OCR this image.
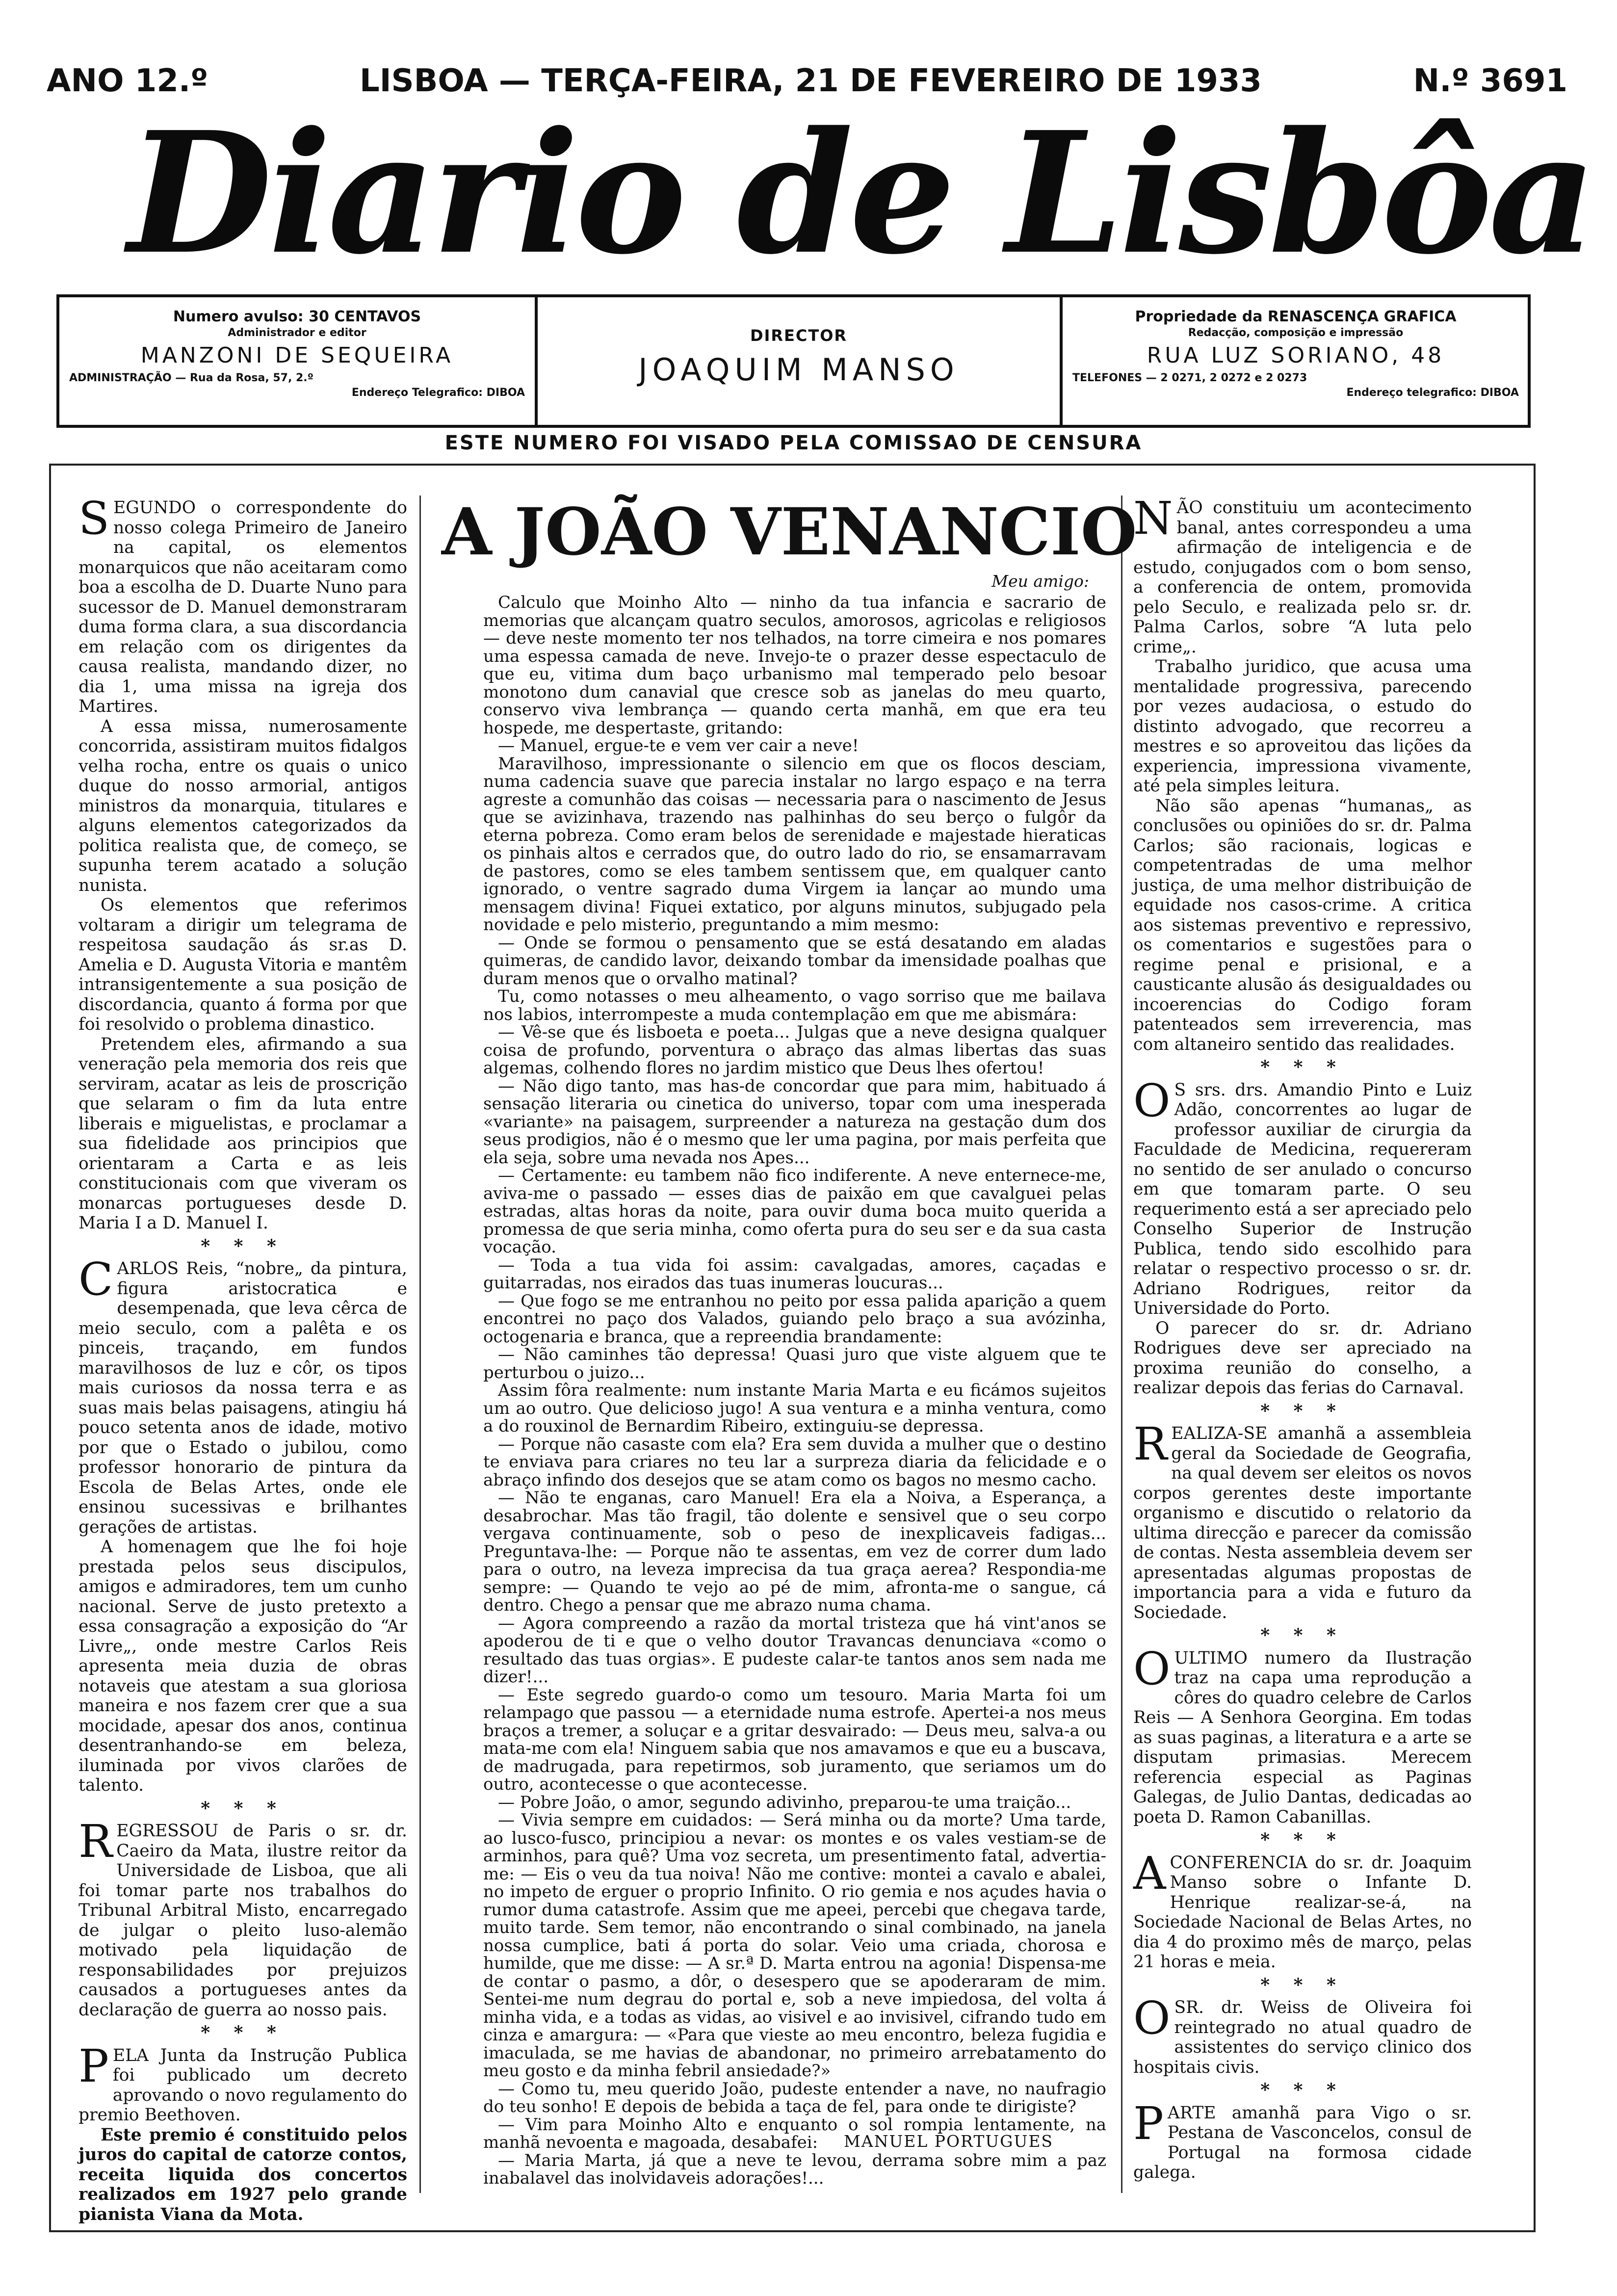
ANO 12.º	LISBOA — TERÇA-FEIRA, 21 DE FEVEREIRO DE 1933	N.º 3691
Diario de Lisbôa
Numero avulso: 30 CENTAVOS
Administrador e editor
MANZONI DE SEQUEIRA
ADMINISTRAÇÃO — Rua da Rosa, 57, 2.º
Endereço Telegrafico: DIBOA
DIRECTOR
JOAQUIM MANSO
Propriedade da RENASCENÇA GRAFICA
Redacção, composição e impressão
RUA LUZ SORIANO, 48
TELEFONES — 2 0271, 2 0272 e 2 0273
Endereço telegrafico: DIBOA
ESTE NUMERO FOI VISADO PELA COMISSAO DE CENSURA

SEGUNDO o correspondente do nosso colega Primeiro de Janeiro na capital, os elementos monarquicos que não aceitaram como boa a escolha de D. Duarte Nuno para sucessor de D. Manuel demonstraram duma forma clara, a sua discordancia em relação com os dirigentes da causa realista, mandando dizer, no dia 1, uma missa na igreja dos Martires.

A essa missa, numerosamente concorrida, assistiram muitos fidalgos velha rocha, entre os quais o unico duque do nosso armorial, antigos ministros da monarquia, titulares e alguns elementos categorizados da politica realista que, de começo, se supunha terem acatado a solução nunista.

Os elementos que referimos voltaram a dirigir um telegrama de respeitosa saudação ás sr.as D. Amelia e D. Augusta Vitoria e mantêm intransigentemente a sua posição de discordancia, quanto á forma por que foi resolvido o problema dinastico.

Pretendem eles, afirmando a sua veneração pela memoria dos reis que serviram, acatar as leis de proscrição que selaram o fim da luta entre liberais e miguelistas, e proclamar a sua fidelidade aos principios que orientaram a Carta e as leis constitucionais com que viveram os monarcas portugueses desde D. Maria I a D. Manuel I.

* * *

CARLOS Reis, “nobre„ da pintura, figura aristocratica e desempenada, que leva cêrca de meio seculo, com a palêta e os pinceis, traçando, em fundos maravilhosos de luz e côr, os tipos mais curiosos da nossa terra e as suas mais belas paisagens, atingiu há pouco setenta anos de idade, motivo por que o Estado o jubilou, como professor honorario de pintura da Escola de Belas Artes, onde ele ensinou sucessivas e brilhantes gerações de artistas.

A homenagem que lhe foi hoje prestada pelos seus discipulos, amigos e admiradores, tem um cunho nacional. Serve de justo pretexto a essa consagração a exposição do “Ar Livre„, onde mestre Carlos Reis apresenta meia duzia de obras notaveis que atestam a sua gloriosa maneira e nos fazem crer que a sua mocidade, apesar dos anos, continua desentranhando-se em beleza, iluminada por vivos clarões de talento.

* * *

REGRESSOU de Paris o sr. dr. Caeiro da Mata, ilustre reitor da Universidade de Lisboa, que ali foi tomar parte nos trabalhos do Tribunal Arbitral Misto, encarregado de julgar o pleito luso-alemão motivado pela liquidação de responsabilidades por prejuizos causados a portugueses antes da declaração de guerra ao nosso pais.

* * *

PELA Junta da Instrução Publica foi publicado um decreto aprovando o novo regulamento do premio Beethoven.

Este premio é constituido pelos juros do capital de catorze contos, receita liquida dos concertos realizados em 1927 pelo grande pianista Viana da Mota.

A JOÃO VENANCIO
Meu amigo:

Calculo que Moinho Alto — ninho da tua infancia e sacrario de memorias que alcançam quatro seculos, amorosos, agricolas e religiosos — deve neste momento ter nos telhados, na torre cimeira e nos pomares uma espessa camada de neve. Invejo-te o prazer desse espectaculo de que eu, vitima dum baço urbanismo mal temperado pelo besoar monotono dum canavial que cresce sob as janelas do meu quarto, conservo viva lembrança — quando certa manhã, em que era teu hospede, me despertaste, gritando:

— Manuel, ergue-te e vem ver cair a neve!

Maravilhoso, impressionante o silencio em que os flocos desciam, numa cadencia suave que parecia instalar no largo espaço e na terra agreste a comunhão das coisas — necessaria para o nascimento de Jesus que se avizinhava, trazendo nas palhinhas do seu berço o fulgôr da eterna pobreza. Como eram belos de serenidade e majestade hieraticas os pinhais altos e cerrados que, do outro lado do rio, se ensamarravam de pastores, como se eles tambem sentissem que, em qualquer canto ignorado, o ventre sagrado duma Virgem ia lançar ao mundo uma mensagem divina! Fiquei extatico, por alguns minutos, subjugado pela novidade e pelo misterio, preguntando a mim mesmo:

— Onde se formou o pensamento que se está desatando em aladas quimeras, de candido lavor, deixando tombar da imensidade poalhas que duram menos que o orvalho matinal?

Tu, como notasses o meu alheamento, o vago sorriso que me bailava nos labios, interrompeste a muda contemplação em que me abismára:

— Vê-se que és lisboeta e poeta... Julgas que a neve designa qualquer coisa de profundo, porventura o abraço das almas libertas das suas algemas, colhendo flores no jardim mistico que Deus lhes ofertou!

— Não digo tanto, mas has-de concordar que para mim, habituado á sensação literaria ou cinetica do universo, topar com uma inesperada «variante» na paisagem, surpreender a natureza na gestação dum dos seus prodigios, não é o mesmo que ler uma pagina, por mais perfeita que ela seja, sobre uma nevada nos Apes...

— Certamente: eu tambem não fico indiferente. A neve enternece-me, aviva-me o passado — esses dias de paixão em que cavalguei pelas estradas, altas horas da noite, para ouvir duma boca muito querida a promessa de que seria minha, como oferta pura do seu ser e da sua casta vocação.

— Toda a tua vida foi assim: cavalgadas, amores, caçadas e guitarradas, nos eirados das tuas inumeras loucuras...

— Que fogo se me entranhou no peito por essa palida aparição a quem encontrei no paço dos Valados, guiando pelo braço a sua avózinha, octogenaria e branca, que a repreendia brandamente:

— Não caminhes tão depressa! Quasi juro que viste alguem que te perturbou o juizo...

Assim fôra realmente: num instante Maria Marta e eu ficámos sujeitos um ao outro. Que delicioso jugo! A sua ventura e a minha ventura, como a do rouxinol de Bernardim Ribeiro, extinguiu-se depressa.

— Porque não casaste com ela? Era sem duvida a mulher que o destino te enviava para criares no teu lar a surpreza diaria da felicidade e o abraço infindo dos desejos que se atam como os bagos no mesmo cacho.

— Não te enganas, caro Manuel! Era ela a Noiva, a Esperança, a desabrochar. Mas tão fragil, tão dolente e sensivel que o seu corpo vergava continuamente, sob o peso de inexplicaveis fadigas... Preguntava-lhe: — Porque não te assentas, em vez de correr dum lado para o outro, na leveza imprecisa da tua graça aerea? Respondia-me sempre: — Quando te vejo ao pé de mim, afronta-me o sangue, cá dentro. Chego a pensar que me abrazo numa chama.

— Agora compreendo a razão da mortal tristeza que há vint'anos se apoderou de ti e que o velho doutor Travancas denunciava «como o resultado das tuas orgias». E pudeste calar-te tantos anos sem nada me dizer!...

— Este segredo guardo-o como um tesouro. Maria Marta foi um relampago que passou — a eternidade numa estrofe. Apertei-a nos meus braços a tremer, a soluçar e a gritar desvairado: — Deus meu, salva-a ou mata-me com ela! Ninguem sabia que nos amavamos e que eu a buscava, de madrugada, para repetirmos, sob juramento, que seriamos um do outro, acontecesse o que acontecesse.

— Pobre João, o amor, segundo adivinho, preparou-te uma traição...

— Vivia sempre em cuidados: — Será minha ou da morte? Uma tarde, ao lusco-fusco, principiou a nevar: os montes e os vales vestiam-se de arminhos, para quê? Uma voz secreta, um presentimento fatal, advertia-me: — Eis o veu da tua noiva! Não me contive: montei a cavalo e abalei, no impeto de erguer o proprio Infinito. O rio gemia e nos açudes havia o rumor duma catastrofe. Assim que me apeei, percebi que chegava tarde, muito tarde. Sem temor, não encontrando o sinal combinado, na janela nossa cumplice, bati á porta do solar. Veio uma criada, chorosa e humilde, que me disse: — A sr.ª D. Marta entrou na agonia! Dispensa-me de contar o pasmo, a dôr, o desespero que se apoderaram de mim. Sentei-me num degrau do portal e, sob a neve impiedosa, del volta á minha vida, e a todas as vidas, ao visivel e ao invisivel, cifrando tudo em cinza e amargura: — «Para que vieste ao meu encontro, beleza fugidia e imaculada, se me havias de abandonar, no primeiro arrebatamento do meu gosto e da minha febril ansiedade?»

— Como tu, meu querido João, pudeste entender a nave, no naufragio do teu sonho! E depois de bebida a taça de fel, para onde te dirigiste?

— Vim para Moinho Alto e enquanto o sol rompia lentamente, na manhã nevoenta e magoada, desabafei:

— Maria Marta, já que a neve te levou, derrama sobre mim a paz inabalavel das inolvidaveis adorações!...

MANUEL PORTUGUES

NÃO constituiu um acontecimento banal, antes correspondeu a uma afirmação de inteligencia e de estudo, conjugados com o bom senso, a conferencia de ontem, promovida pelo Seculo, e realizada pelo sr. dr. Palma Carlos, sobre “A luta pelo crime„.

Trabalho juridico, que acusa uma mentalidade progressiva, parecendo por vezes audaciosa, o estudo do distinto advogado, que recorreu a mestres e so aproveitou das lições da experiencia, impressiona vivamente, até pela simples leitura.

Não são apenas “humanas„ as conclusões ou opiniões do sr. dr. Palma Carlos; são racionais, logicas e competentradas de uma melhor justiça, de uma melhor distribuição de equidade nos casos-crime. A critica aos sistemas preventivo e repressivo, os comentarios e sugestões para o regime penal e prisional, e a causticante alusão ás desigualdades ou incoerencias do Codigo foram patenteados sem irreverencia, mas com altaneiro sentido das realidades.

* * *

O S srs. drs. Amandio Pinto e Luiz Adão, concorrentes ao lugar de professor auxiliar de cirurgia da Faculdade de Medicina, requereram no sentido de ser anulado o concurso em que tomaram parte. O seu requerimento está a ser apreciado pelo Conselho Superior de Instrução Publica, tendo sido escolhido para relatar o respectivo processo o sr. dr. Adriano Rodrigues, reitor da Universidade do Porto.

O parecer do sr. dr. Adriano Rodrigues deve ser apreciado na proxima reunião do conselho, a realizar depois das ferias do Carnaval.

* * *

REALIZA-SE amanhã a assembleia geral da Sociedade de Geografia, na qual devem ser eleitos os novos corpos gerentes deste importante organismo e discutido o relatorio da ultima direcção e parecer da comissão de contas. Nesta assembleia devem ser apresentadas algumas propostas de importancia para a vida e futuro da Sociedade.

* * *

OULTIMO numero da Ilustração traz na capa uma reprodução a côres do quadro celebre de Carlos Reis — A Senhora Georgina. Em todas as suas paginas, a literatura e a arte se disputam primasias. Merecem referencia especial as Paginas Galegas, de Julio Dantas, dedicadas ao poeta D. Ramon Cabanillas.

* * *

ACONFERENCIA do sr. dr. Joaquim Manso sobre o Infante D. Henrique realizar-se-á, na Sociedade Nacional de Belas Artes, no dia 4 do proximo mês de março, pelas 21 horas e meia.

* * *

OSR. dr. Weiss de Oliveira foi reintegrado no atual quadro de assistentes do serviço clinico dos hospitais civis.

* * *

PARTE amanhã para Vigo o sr. Pestana de Vasconcelos, consul de Portugal na formosa cidade galega.
